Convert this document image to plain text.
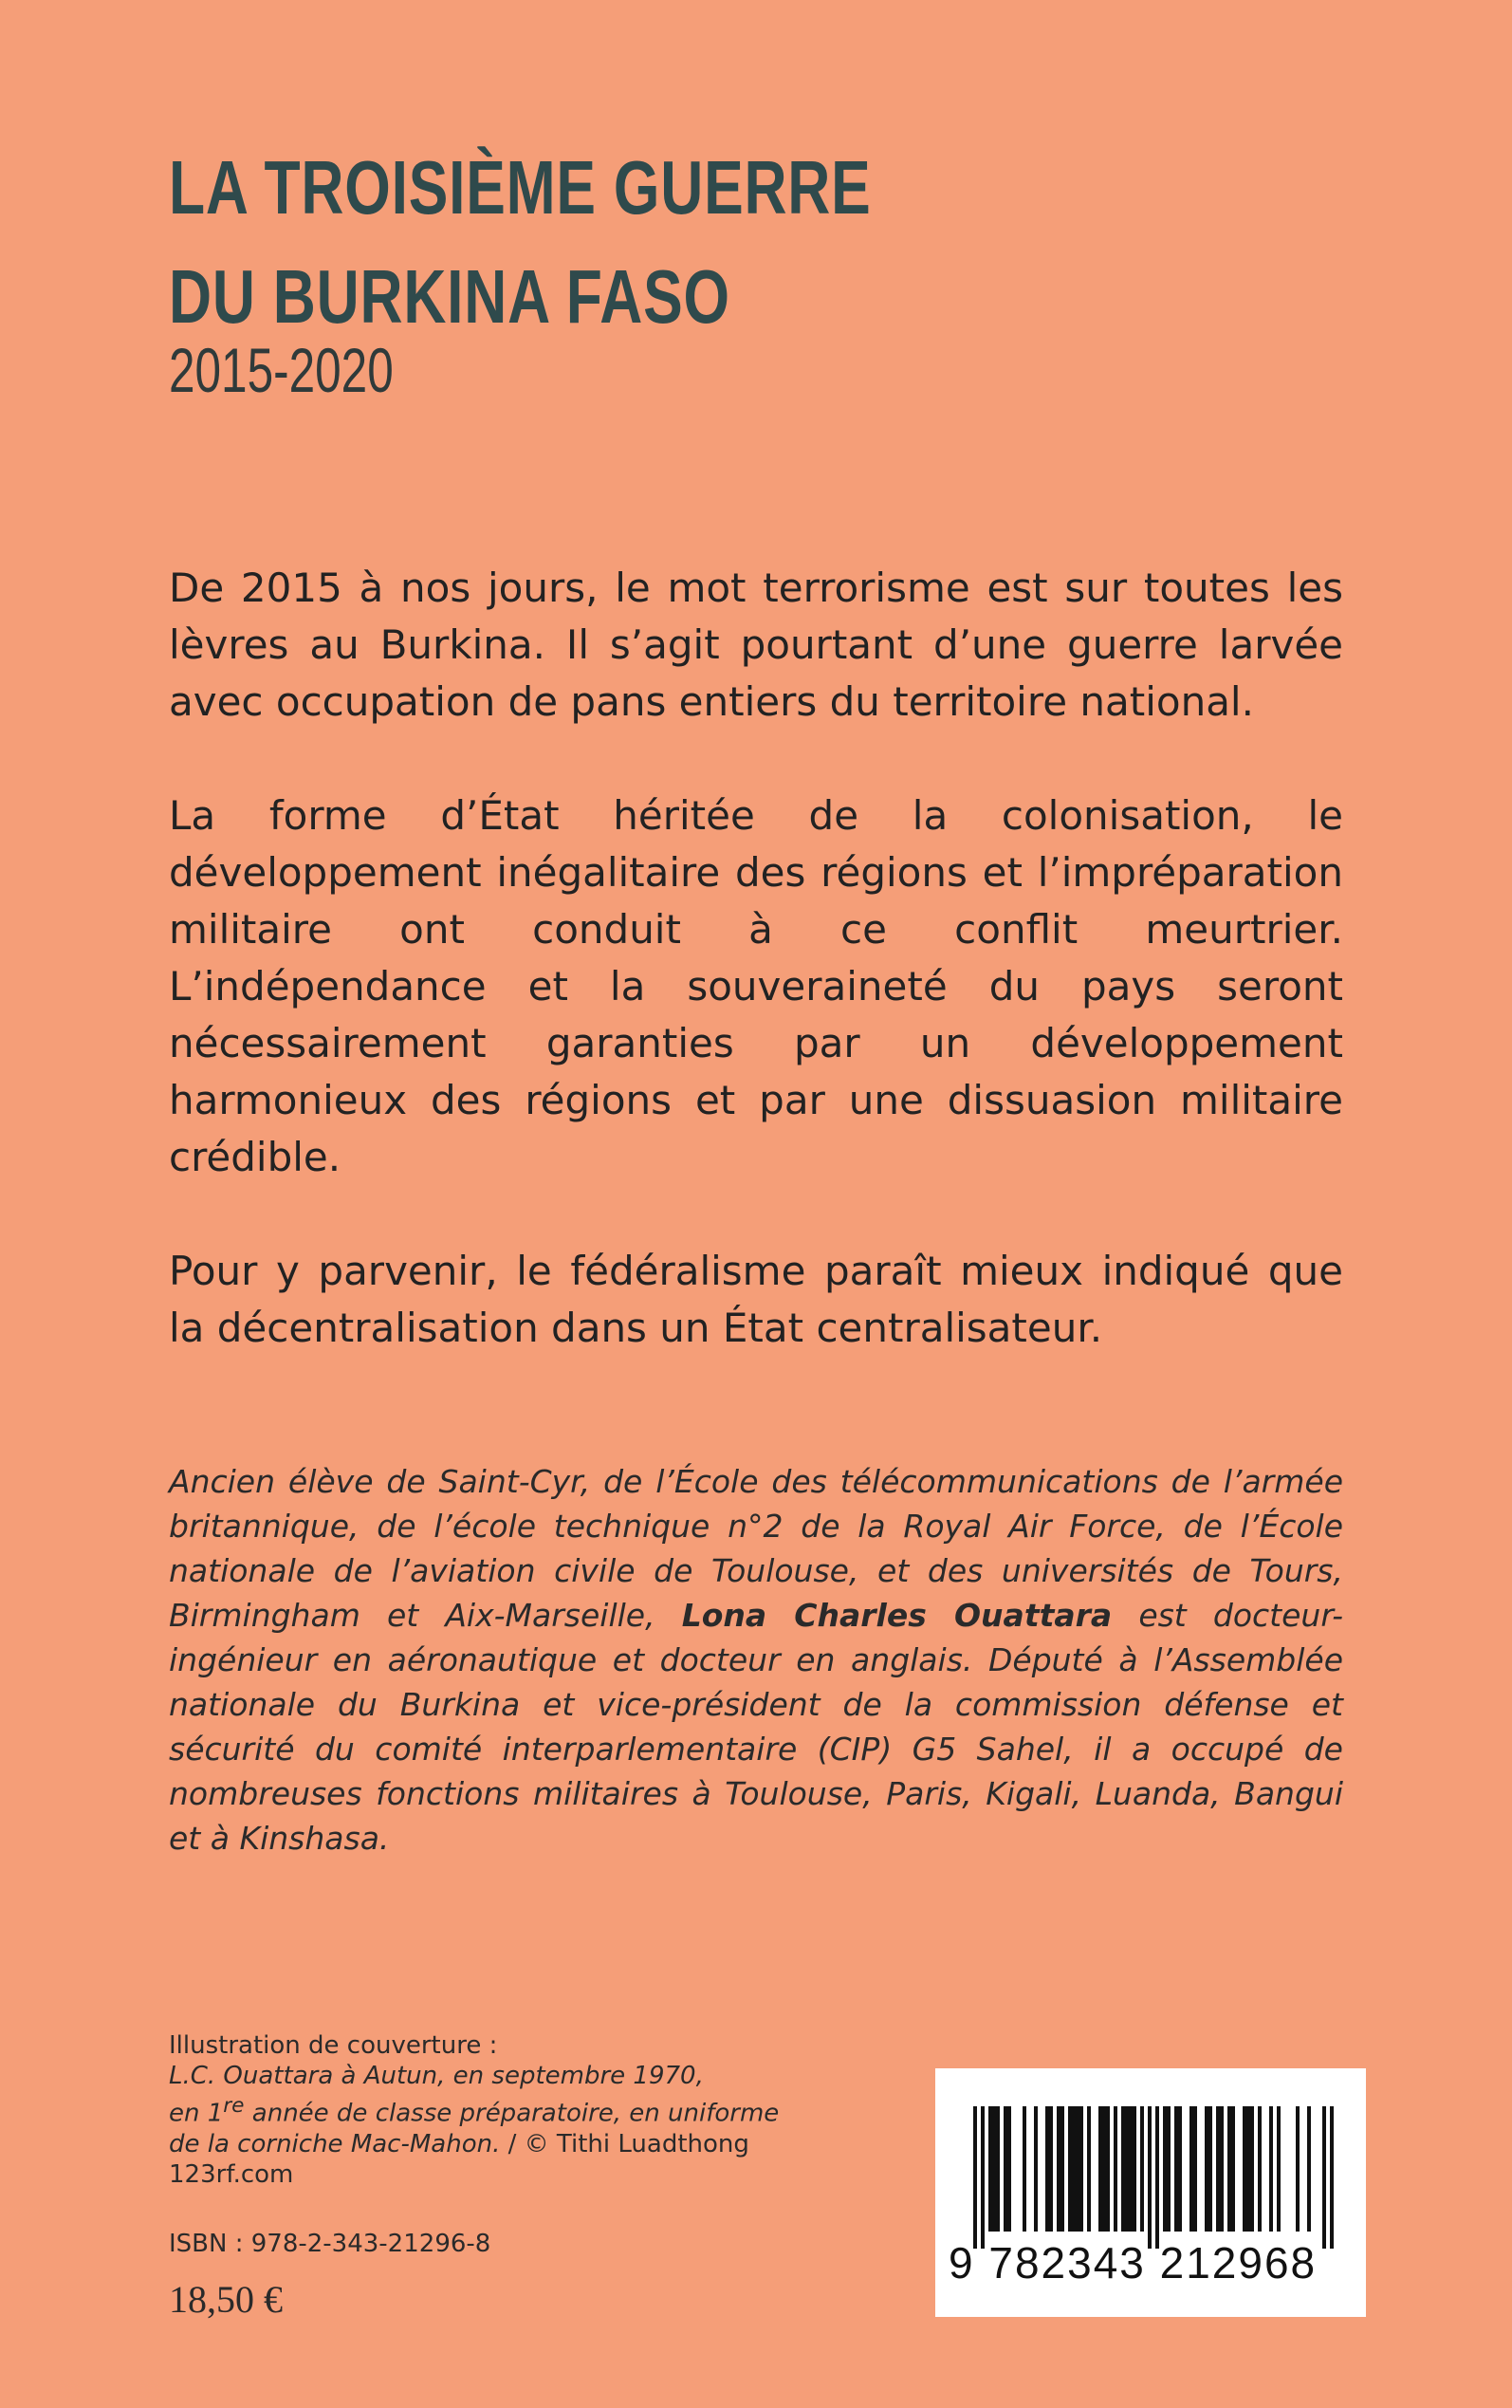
LA TROISIÈME GUERRE
DU BURKINA FASO
2015-2020

De 2015 à nos jours, le mot terrorisme est sur toutes les lèvres au Burkina. Il s’agit pourtant d’une guerre larvée avec occupation de pans entiers du territoire national.

La forme d’État héritée de la colonisation, le développement inégalitaire des régions et l’impréparation militaire ont conduit à ce conflit meurtrier. L’indépendance et la souveraineté du pays seront nécessairement garanties par un développement harmonieux des régions et par une dissuasion militaire crédible.

Pour y parvenir, le fédéralisme paraît mieux indiqué que la décentralisation dans un État centralisateur.

Ancien élève de Saint-Cyr, de l’École des télécommunications de l’armée britannique, de l’école technique n°2 de la Royal Air Force, de l’École nationale de l’aviation civile de Toulouse, et des universités de Tours, Birmingham et Aix-Marseille, Lona Charles Ouattara est docteur-ingénieur en aéronautique et docteur en anglais. Député à l’Assemblée nationale du Burkina et vice-président de la commission défense et sécurité du comité interparlementaire (CIP) G5 Sahel, il a occupé de nombreuses fonctions militaires à Toulouse, Paris, Kigali, Luanda, Bangui et à Kinshasa.

Illustration de couverture :
L.C. Ouattara à Autun, en septembre 1970,
en 1re année de classe préparatoire, en uniforme
de la corniche Mac-Mahon. / © Tithi Luadthong
123rf.com
ISBN : 978-2-343-21296-8
18,50 €
9 782343 212968
